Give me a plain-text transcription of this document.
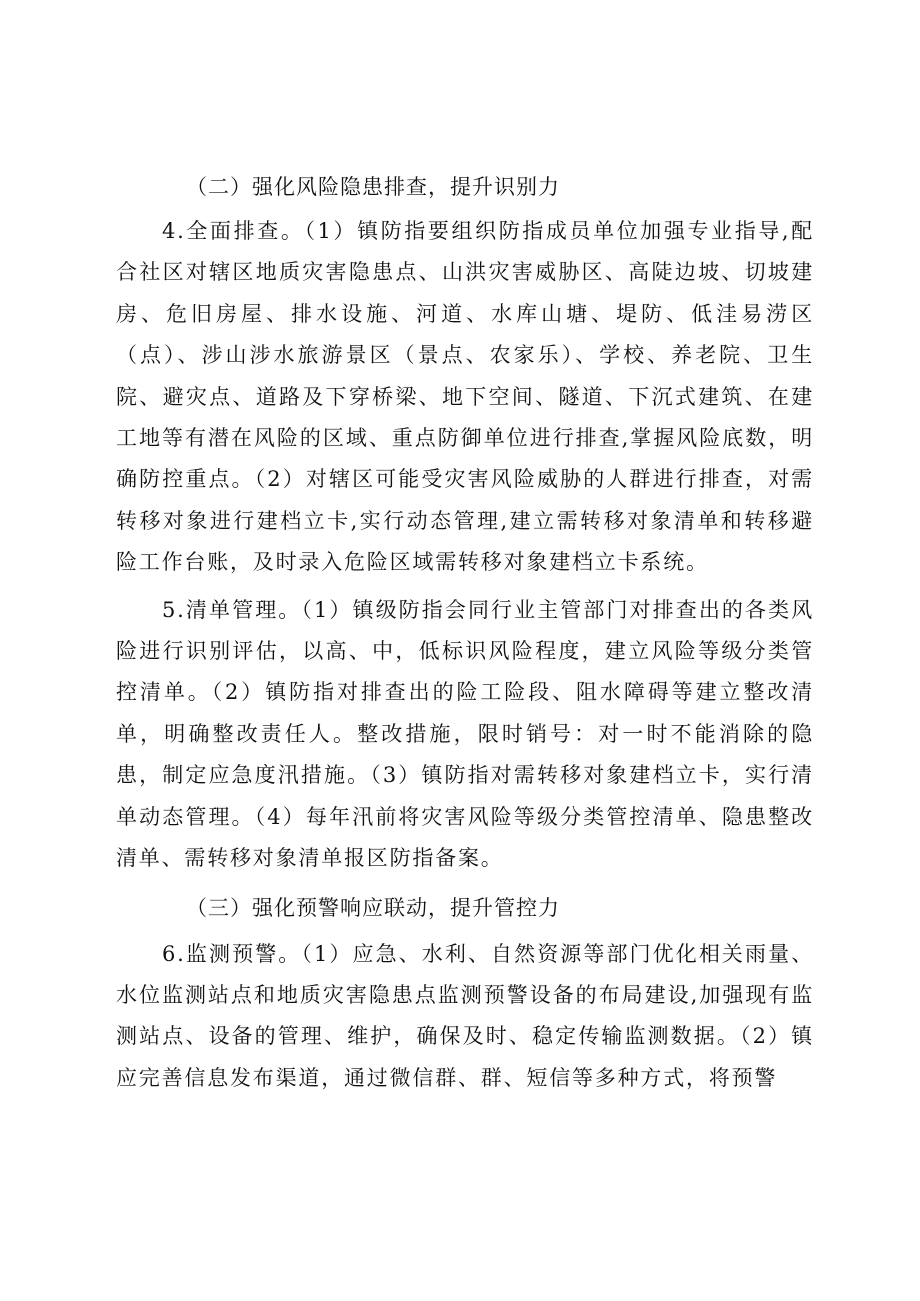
（二）强化风险隐患排查，提升识别力

4.全面排查。（1）镇防指要组织防指成员单位加强专业指导,配合社区对辖区地质灾害隐患点、山洪灾害威胁区、高陡边坡、切坡建房、危旧房屋、排水设施、河道、水库山塘、堤防、低洼易涝区（点）、涉山涉水旅游景区（景点、农家乐）、学校、养老院、卫生院、避灾点、道路及下穿桥梁、地下空间、隧道、下沉式建筑、在建工地等有潜在风险的区域、重点防御单位进行排查,掌握风险底数，明确防控重点。（2）对辖区可能受灾害风险威胁的人群进行排查，对需转移对象进行建档立卡,实行动态管理,建立需转移对象清单和转移避险工作台账，及时录入危险区域需转移对象建档立卡系统。

5.清单管理。（1）镇级防指会同行业主管部门对排查出的各类风险进行识别评估，以高、中，低标识风险程度，建立风险等级分类管控清单。（2）镇防指对排查出的险工险段、阻水障碍等建立整改清单，明确整改责任人。整改措施，限时销号：对一时不能消除的隐患，制定应急度汛措施。（3）镇防指对需转移对象建档立卡，实行清单动态管理。（4）每年汛前将灾害风险等级分类管控清单、隐患整改清单、需转移对象清单报区防指备案。

（三）强化预警响应联动，提升管控力

6.监测预警。（1）应急、水利、自然资源等部门优化相关雨量、水位监测站点和地质灾害隐患点监测预警设备的布局建设,加强现有监测站点、设备的管理、维护，确保及时、稳定传输监测数据。（2）镇应完善信息发布渠道，通过微信群、群、短信等多种方式，将预警
